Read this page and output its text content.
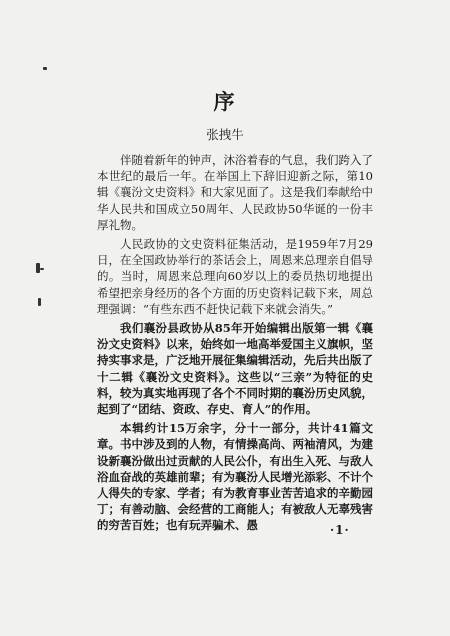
序
张拽牛

伴随着新年的钟声，沐浴着春的气息，我们跨入了本世纪的最后一年。在举国上下辞旧迎新之际，第10辑《襄汾文史资料》和大家见面了。这是我们奉献给中华人民共和国成立50周年、人民政协50华诞的一份丰厚礼物。

人民政协的文史资料征集活动，是1959年7月29日，在全国政协举行的茶话会上，周恩来总理亲自倡导的。当时，周恩来总理向60岁以上的委员热切地提出希望把亲身经历的各个方面的历史资料记载下来，周总理强调：“有些东西不赶快记载下来就会消失。”

我们襄汾县政协从85年开始编辑出版第一辑《襄汾文史资料》以来，始终如一地高举爱国主义旗帜，坚持实事求是，广泛地开展征集编辑活动，先后共出版了十二辑《襄汾文史资料》。这些以“三亲”为特征的史料，较为真实地再现了各个不同时期的襄汾历史风貌，起到了“团结、资政、存史、育人”的作用。

本辑约计15万余字，分十一部分，共计41篇文章。书中涉及到的人物，有情操高尚、两袖清风，为建设新襄汾做出过贡献的人民公仆，有出生入死、与敌人浴血奋战的英雄前辈；有为襄汾人民增光添彩、不计个人得失的专家、学者；有为教育事业苦苦追求的辛勤园丁；有善动脑、会经营的工商能人；有被敌人无辜残害的穷苦百姓；也有玩弄骗术、愚	·1·
